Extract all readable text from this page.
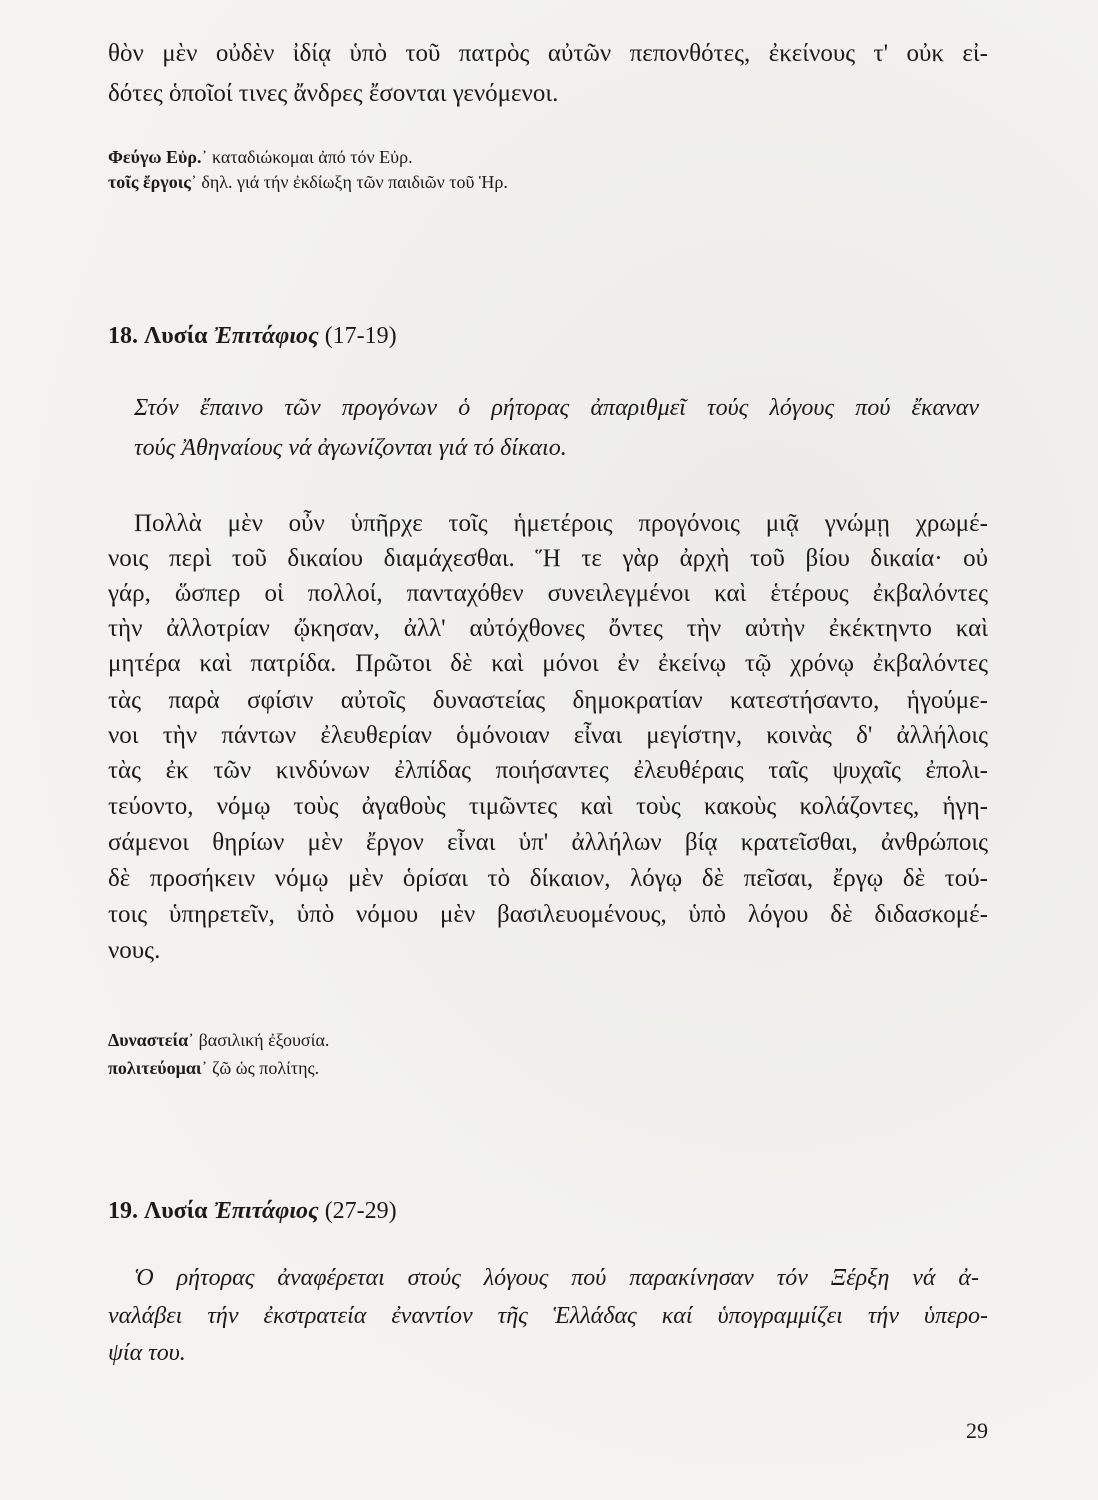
θὸν μὲν οὐδὲν ἰδίᾳ ὑπὸ τοῦ πατρὸς αὐτῶν πεπονθότες, ἐκείνους τ' οὐκ εἰ-

δότες ὁποῖοί τινες ἄνδρες ἔσονται γενόμενοι.

Φεύγω Εὐρ.᾿ καταδιώκομαι ἀπό τόν Εὐρ.

τοῖς ἔργοις᾿ δηλ. γιά τήν ἐκδίωξη τῶν παιδιῶν τοῦ Ἡρ.

18. Λυσία Ἐπιτάφιος (17-19)

Στόν ἔπαινο τῶν προγόνων ὁ ρήτορας ἀπαριθμεῖ τούς λόγους πού ἔκαναν

τούς Ἀθηναίους νά ἀγωνίζονται γιά τό δίκαιο.

Πολλὰ μὲν οὖν ὑπῆρχε τοῖς ἡμετέροις προγόνοις μιᾷ γνώμῃ χρωμέ-

νοις περὶ τοῦ δικαίου διαμάχεσθαι. Ἥ τε γὰρ ἀρχὴ τοῦ βίου δικαία· οὐ

γάρ, ὥσπερ οἱ πολλοί, πανταχόθεν συνειλεγμένοι καὶ ἑτέρους ἐκβαλόντες

τὴν ἀλλοτρίαν ᾤκησαν, ἀλλ' αὐτόχθονες ὄντες τὴν αὐτὴν ἐκέκτηντο καὶ

μητέρα καὶ πατρίδα. Πρῶτοι δὲ καὶ μόνοι ἐν ἐκείνῳ τῷ χρόνῳ ἐκβαλόντες

τὰς παρὰ σφίσιν αὐτοῖς δυναστείας δημοκρατίαν κατεστήσαντο, ἡγούμε-

νοι τὴν πάντων ἐλευθερίαν ὁμόνοιαν εἶναι μεγίστην, κοινὰς δ' ἀλλήλοις

τὰς ἐκ τῶν κινδύνων ἐλπίδας ποιήσαντες ἐλευθέραις ταῖς ψυχαῖς ἐπολι-

τεύοντο, νόμῳ τοὺς ἀγαθοὺς τιμῶντες καὶ τοὺς κακοὺς κολάζοντες, ἡγη-

σάμενοι θηρίων μὲν ἔργον εἶναι ὑπ' ἀλλήλων βίᾳ κρατεῖσθαι, ἀνθρώποις

δὲ προσήκειν νόμῳ μὲν ὁρίσαι τὸ δίκαιον, λόγῳ δὲ πεῖσαι, ἔργῳ δὲ τού-

τοις ὑπηρετεῖν, ὑπὸ νόμου μὲν βασιλευομένους, ὑπὸ λόγου δὲ διδασκομέ-

νους.

Δυναστεία᾿ βασιλική ἐξουσία.

πολιτεύομαι᾿ ζῶ ὡς πολίτης.

19. Λυσία Ἐπιτάφιος (27-29)

Ὁ ρήτορας ἀναφέρεται στούς λόγους πού παρακίνησαν τόν Ξέρξη νά ἀ-

ναλάβει τήν ἐκστρατεία ἐναντίον τῆς Ἑλλάδας καί ὑπογραμμίζει τήν ὑπερο-

ψία του.

29
